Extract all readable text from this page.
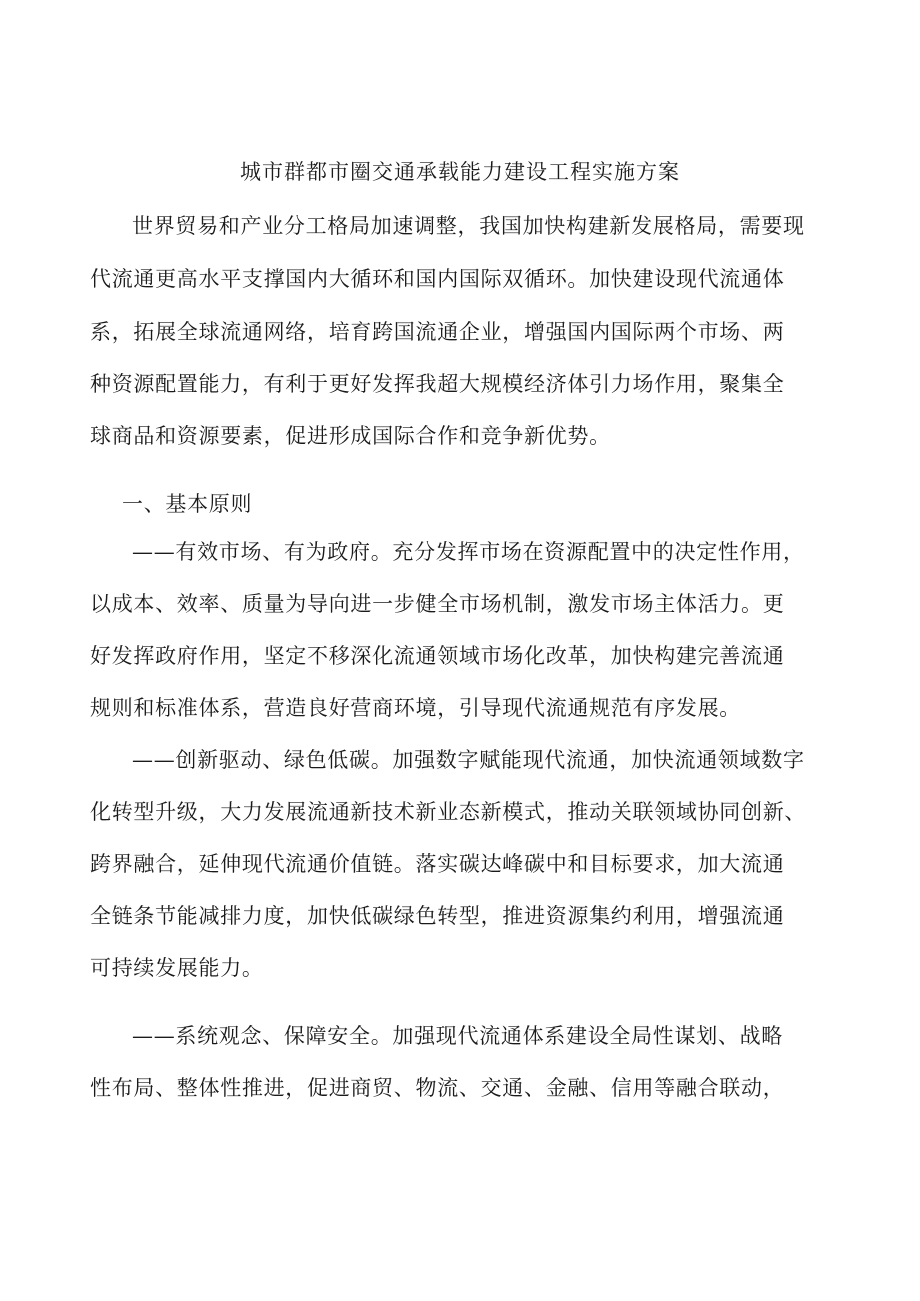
城市群都市圈交通承载能力建设工程实施方案
世界贸易和产业分工格局加速调整，我国加快构建新发展格局，需要现
代流通更高水平支撑国内大循环和国内国际双循环。加快建设现代流通体
系，拓展全球流通网络，培育跨国流通企业，增强国内国际两个市场、两
种资源配置能力，有利于更好发挥我超大规模经济体引力场作用，聚集全
球商品和资源要素，促进形成国际合作和竞争新优势。
一、基本原则
——有效市场、有为政府。充分发挥市场在资源配置中的决定性作用，
以成本、效率、质量为导向进一步健全市场机制，激发市场主体活力。更
好发挥政府作用，坚定不移深化流通领域市场化改革，加快构建完善流通
规则和标准体系，营造良好营商环境，引导现代流通规范有序发展。
——创新驱动、绿色低碳。加强数字赋能现代流通，加快流通领域数字
化转型升级，大力发展流通新技术新业态新模式，推动关联领域协同创新、
跨界融合，延伸现代流通价值链。落实碳达峰碳中和目标要求，加大流通
全链条节能减排力度，加快低碳绿色转型，推进资源集约利用，增强流通
可持续发展能力。
——系统观念、保障安全。加强现代流通体系建设全局性谋划、战略
性布局、整体性推进，促进商贸、物流、交通、金融、信用等融合联动，
